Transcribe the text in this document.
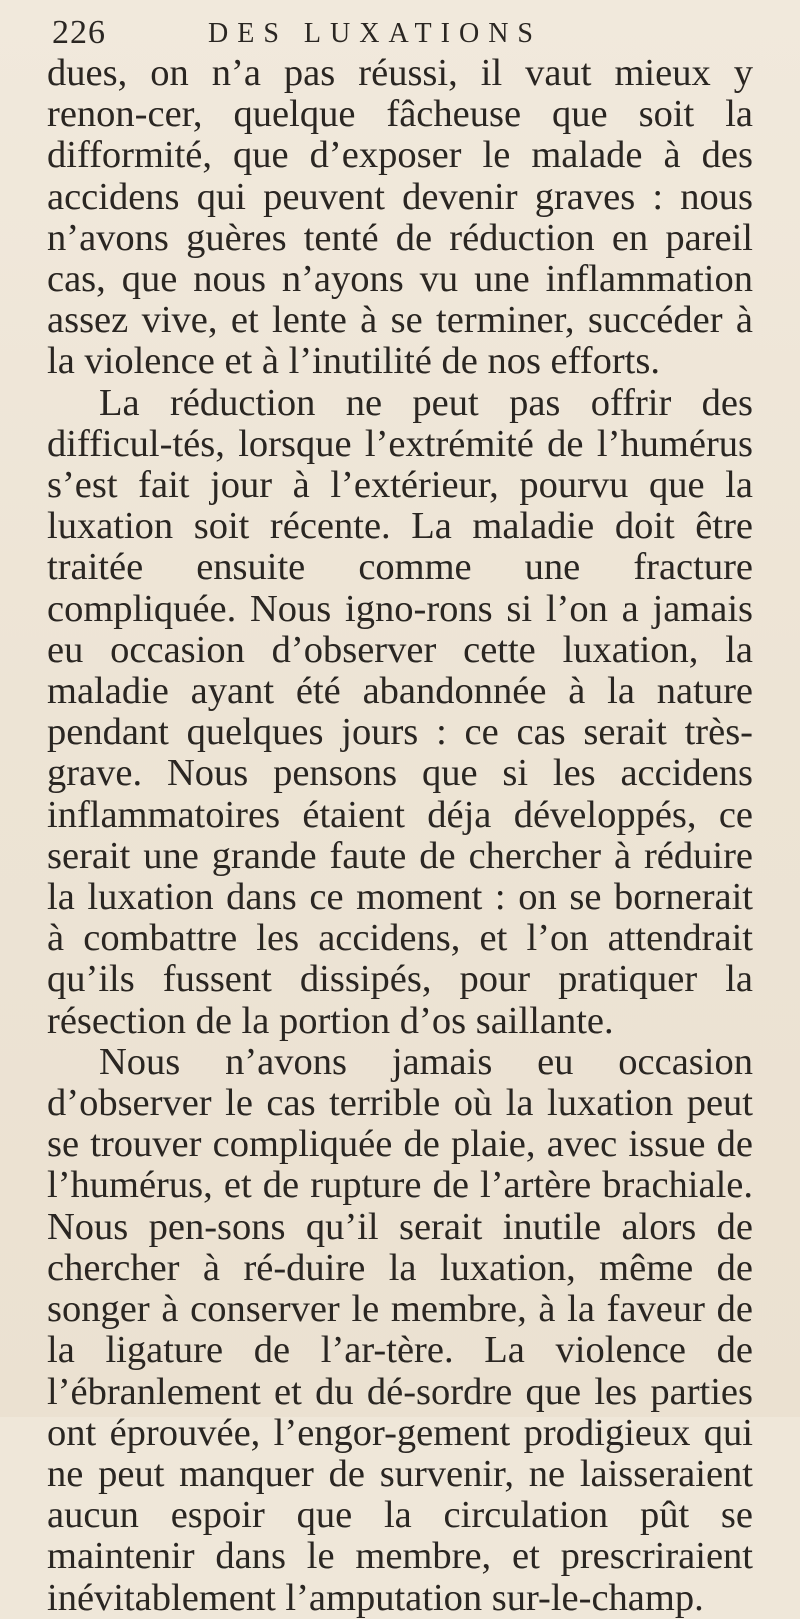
226	DES LUXATIONS

dues, on n’a pas réussi, il vaut mieux y renon-cer, quelque fâcheuse que soit la difformité, que d’exposer le malade à des accidens qui peuvent devenir graves : nous n’avons guères tenté de réduction en pareil cas, que nous n’ayons vu une inflammation assez vive, et lente à se terminer, succéder à la violence et à l’inutilité de nos efforts.

La réduction ne peut pas offrir des difficul-tés, lorsque l’extrémité de l’humérus s’est fait jour à l’extérieur, pourvu que la luxation soit récente. La maladie doit être traitée ensuite comme une fracture compliquée. Nous igno-rons si l’on a jamais eu occasion d’observer cette luxation, la maladie ayant été abandonnée à la nature pendant quelques jours : ce cas serait très-grave. Nous pensons que si les accidens inflammatoires étaient déja développés, ce serait une grande faute de chercher à réduire la luxation dans ce moment : on se bornerait à combattre les accidens, et l’on attendrait qu’ils fussent dissipés, pour pratiquer la résection de la portion d’os saillante.

Nous n’avons jamais eu occasion d’observer le cas terrible où la luxation peut se trouver compliquée de plaie, avec issue de l’humérus, et de rupture de l’artère brachiale. Nous pen-sons qu’il serait inutile alors de chercher à ré-duire la luxation, même de songer à conserver le membre, à la faveur de la ligature de l’ar-tère. La violence de l’ébranlement et du dé-sordre que les parties ont éprouvée, l’engor-gement prodigieux qui ne peut manquer de survenir, ne laisseraient aucun espoir que la circulation pût se maintenir dans le membre, et prescriraient inévitablement l’amputation sur-le-champ.
